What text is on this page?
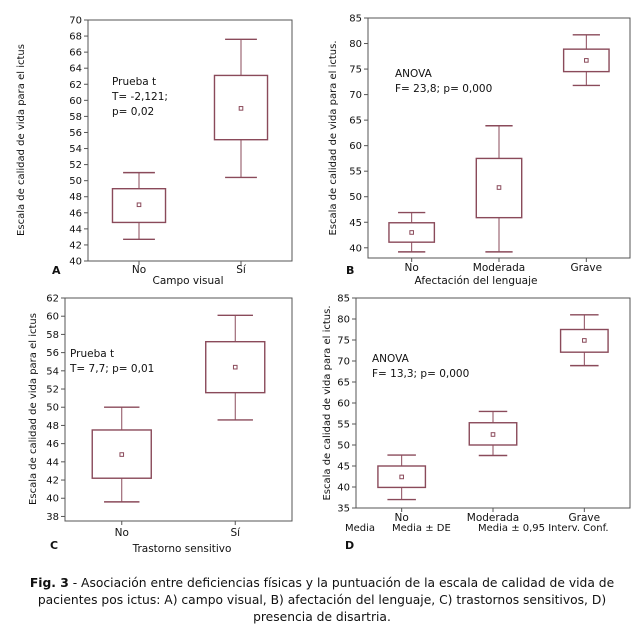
40
42
44
46
48
50
52
54
56
58
60
62
64
66
68
70
Escala de calidad de vida para el ictus
No	Sí
Campo visual
A
Prueba t
T= -2,121;
p= 0,02
40
45
50
55
60
65
70
75
80
85
Escala de calidad de vida para el ictus.
No	Moderada	Grave
Afectación del lenguaje
B
ANOVA
F= 23,8; p= 0,000
38
40
42
44
46
48
50
52
54
56
58
60
62
Escala de calidad de vida para el ictus
No	Sí
Trastorno sensitivo
C
Prueba t
T= 7,7; p= 0,01
35
40
45
50
55
60
65
70
75
80
85
Escala de calidad de vida para el ictus.
No	Moderada	Grave
D
ANOVA
F= 13,3; p= 0,000
Media Media ± DE	Media ± 0,95 Interv. Conf.

Fig. 3 - Asociación entre deficiencias físicas y la puntuación de la escala de calidad de vida de pacientes pos ictus: A) campo visual, B) afectación del lenguaje, C) trastornos sensitivos, D) presencia de disartria.
